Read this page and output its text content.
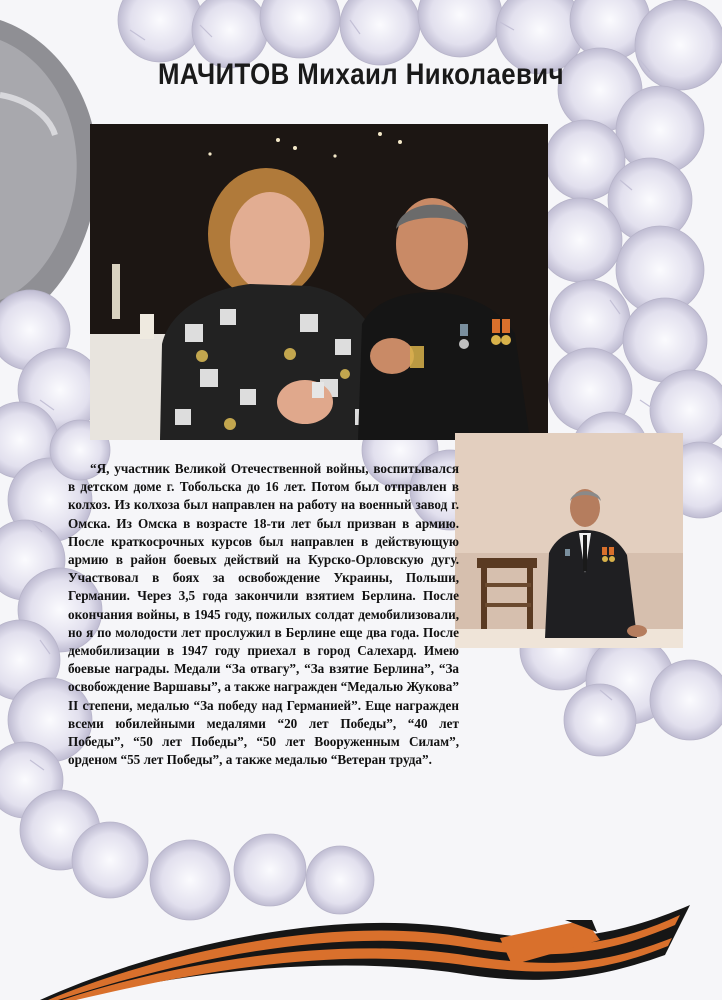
МАЧИТОВ Михаил Николаевич
“Я, участник Великой Отечественной войны, воспитывался в детском доме г. Тобольска до 16 лет. Потом был отправлен в колхоз. Из колхоза был направлен на работу на военный завод г. Омска. Из Омска в возрасте 18-ти лет был призван в армию. После краткосрочных курсов был направлен в действующую армию в район боевых действий на Курско-Орловскую дугу. Участвовал в боях за освобождение Украины, Польши, Германии. Через 3,5 года закончили взятием Берлина. После окончания войны, в 1945 году, пожилых солдат демобилизовали, но я по молодости лет прослужил в Берлине еще два года. После демобилизации в 1947 году приехал в город Салехард. Имею боевые награды. Медали “За отвагу”, “За взятие Берлина”, “За освобождение Варшавы”, а также награжден “Медалью Жукова” II степени, медалью “За победу над Германией”. Еще награжден всеми юбилейными медалями “20 лет Победы”, “40 лет Победы”, “50 лет Победы”, “50 лет Вооруженным Силам”, орденом “55 лет Победы”, а также медалью “Ветеран труда”.
